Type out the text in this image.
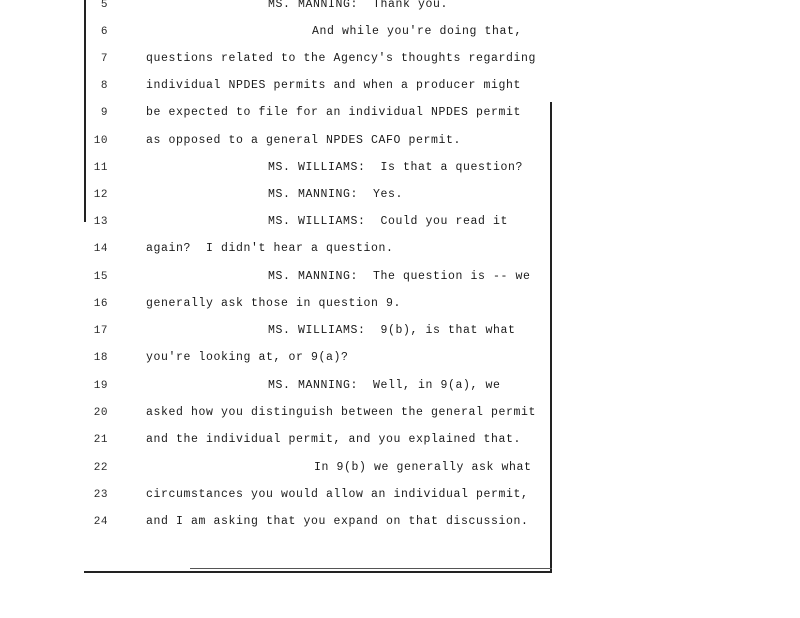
5	MS. MANNING:  Thank you.
6	And while you're doing that,
7	questions related to the Agency's thoughts regarding
8	individual NPDES permits and when a producer might
9	be expected to file for an individual NPDES permit
10	as opposed to a general NPDES CAFO permit.
11	MS. WILLIAMS:  Is that a question?
12	MS. MANNING:  Yes.
13	MS. WILLIAMS:  Could you read it
14	again?  I didn't hear a question.
15	MS. MANNING:  The question is -- we
16	generally ask those in question 9.
17	MS. WILLIAMS:  9(b), is that what
18	you're looking at, or 9(a)?
19	MS. MANNING:  Well, in 9(a), we
20	asked how you distinguish between the general permit
21	and the individual permit, and you explained that.
22	In 9(b) we generally ask what
23	circumstances you would allow an individual permit,
24	and I am asking that you expand on that discussion.
